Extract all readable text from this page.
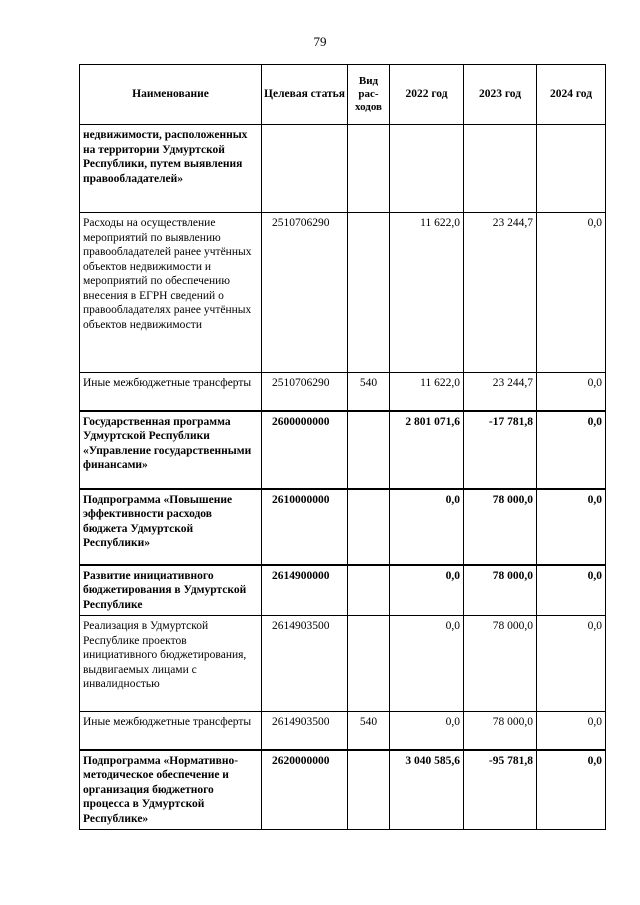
79
Наименование	Целевая статья	Вид рас-ходов	2022 год	2023 год	2024 год
недвижимости, расположенных на территории Удмуртской Республики, путем выявления правообладателей»					
Расходы на осуществление мероприятий по выявлению правообладателей ранее учтённых объектов недвижимости и мероприятий по обеспечению внесения в ЕГРН сведений о правообладателях ранее учтённых объектов недвижимости	2510706290		11 622,0	23 244,7	0,0
Иные межбюджетные трансферты	2510706290	540	11 622,0	23 244,7	0,0
Государственная программа Удмуртской Республики «Управление государственными финансами»	2600000000		2 801 071,6	-17 781,8	0,0
Подпрограмма «Повышение эффективности расходов бюджета Удмуртской Республики»	2610000000		0,0	78 000,0	0,0
Развитие инициативного бюджетирования в Удмуртской Республике	2614900000		0,0	78 000,0	0,0
Реализация в Удмуртской Республике проектов инициативного бюджетирования, выдвигаемых лицами с инвалидностью	2614903500		0,0	78 000,0	0,0
Иные межбюджетные трансферты	2614903500	540	0,0	78 000,0	0,0
Подпрограмма «Нормативно-методическое обеспечение и организация бюджетного процесса в Удмуртской Республике»	2620000000		3 040 585,6	-95 781,8	0,0
